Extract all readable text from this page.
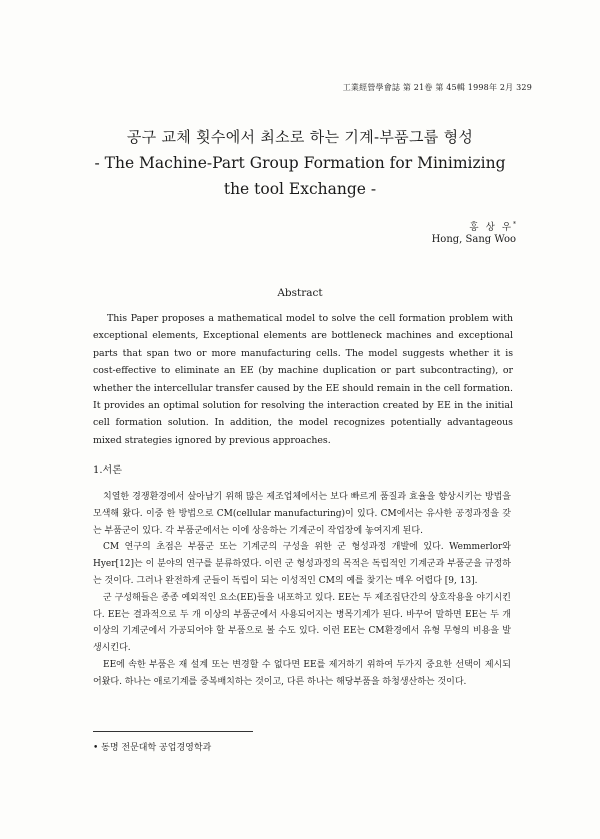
工業經營學會誌 第 21卷 第 45輯 1998年 2月 329
공구 교체 횟수에서 최소로 하는 기계-부품그룹 형성
- The Machine-Part Group Formation for Minimizing
the tool Exchange -
홍 상 우*
Hong, Sang Woo
Abstract

This Paper proposes a mathematical model to solve the cell formation problem with exceptional elements, Exceptional elements are bottleneck machines and exceptional parts that span two or more manufacturing cells. The model suggests whether it is cost-effective to eliminate an EE (by machine duplication or part subcontracting), or whether the intercellular transfer caused by the EE should remain in the cell formation. It provides an optimal solution for resolving the interaction created by EE in the initial cell formation solution. In addition, the model recognizes potentially advantageous mixed strategies ignored by previous approaches.

1.서론

치열한 경쟁환경에서 살아남기 위해 많은 제조업체에서는 보다 빠르게 품질과 효율을 향상시키는 방법을 모색해 왔다. 이중 한 방법으로 CM(cellular manufacturing)이 있다. CM에서는 유사한 공정과정을 갖는 부품군이 있다. 각 부품군에서는 이에 상응하는 기계군이 작업장에 놓여지게 된다.

CM 연구의 초점은 부품군 또는 기계군의 구성을 위한 군 형성과정 개발에 있다. Wemmerlor와 Hyer[12]는 이 분야의 연구를 분류하였다. 이런 군 형성과정의 목적은 독립적인 기계군과 부품군을 규정하는 것이다. 그러나 완전하게 군들이 독립이 되는 이성적인 CM의 예를 찾기는 매우 어렵다 [9, 13].

군 구성해들은 종종 예외적인 요소(EE)들을 내포하고 있다. EE는 두 제조집단간의 상호작용을 야기시킨다. EE는 결과적으로 두 개 이상의 부품군에서 사용되어지는 병목기계가 된다. 바꾸어 말하면 EE는 두 개 이상의 기계군에서 가공되어야 할 부품으로 볼 수도 있다. 이런 EE는 CM환경에서 유형 무형의 비용을 발생시킨다.

EE에 속한 부품은 재 설계 또는 변경할 수 없다면 EE를 제거하기 위하여 두가지 중요한 선택이 제시되어왔다. 하나는 애로기계를 중복배치하는 것이고, 다른 하나는 해당부품을 하청생산하는 것이다.

• 동명 전문대학 공업경영학과
